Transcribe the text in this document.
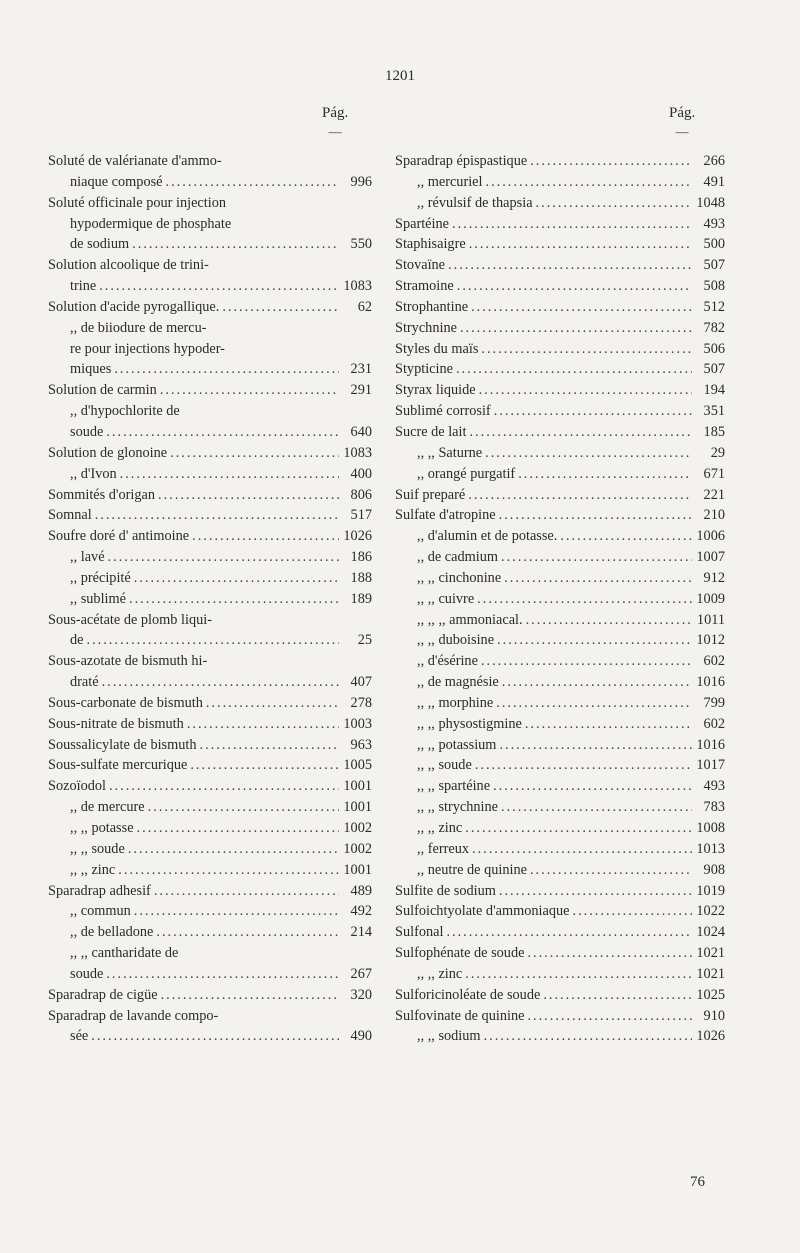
1201
Pág.
—
Pág.
—
Soluté de valérianate d'ammo-
niaque composé .....	996
Soluté officinale pour injection
hypodermique de phosphate
de sodium .....	550
Solution alcoolique de trini-
trine .....	1083
Solution d'acide pyrogallique. .....	62
,, de biiodure de mercu-
re pour injections hypoder-
miques .....	231
Solution de carmin .....	291
,, d'hypochlorite de
soude .....	640
Solution de glonoine .....	1083
,, d'Ivon .....	400
Sommités d'origan .....	806
Somnal .....	517
Soufre doré d' antimoine .....	1026
,, lavé .....	186
,, précipité .....	188
,, sublimé .....	189
Sous-acétate de plomb liqui-
de .....	25
Sous-azotate de bismuth hi-
draté .....	407
Sous-carbonate de bismuth .....	278
Sous-nitrate de bismuth .....	1003
Soussalicylate de bismuth .....	963
Sous-sulfate mercurique .....	1005
Sozoïodol .....	1001
,, de mercure .....	1001
,, ,, potasse .....	1002
,, ,, soude .....	1002
,, ,, zinc .....	1001
Sparadrap adhesif .....	489
,, commun .....	492
,, de belladone .....	214
,, ,, cantharidate de
soude .....	267
Sparadrap de cigüe .....	320
Sparadrap de lavande compo-
sée .....	490
Sparadrap épispastique .....	266
,, mercuriel .....	491
,, révulsif de thapsia .....	1048
Spartéine .....	493
Staphisaigre .....	500
Stovaïne .....	507
Stramoine .....	508
Strophantine .....	512
Strychnine .....	782
Styles du maïs .....	506
Stypticine .....	507
Styrax liquide .....	194
Sublimé corrosif .....	351
Sucre de lait .....	185
,, ,, Saturne .....	29
,, orangé purgatif .....	671
Suif preparé .....	221
Sulfate d'atropine .....	210
,, d'alumin et de potasse. .....	1006
,, de cadmium .....	1007
,, ,, cinchonine .....	912
,, ,, cuivre .....	1009
,, ,, ,, ammoniacal. .....	1011
,, ,, duboisine .....	1012
,, d'ésérine .....	602
,, de magnésie .....	1016
,, ,, morphine .....	799
,, ,, physostigmine .....	602
,, ,, potassium .....	1016
,, ,, soude .....	1017
,, ,, spartéine .....	493
,, ,, strychnine .....	783
,, ,, zinc .....	1008
,, ferreux .....	1013
,, neutre de quinine .....	908
Sulfite de sodium .....	1019
Sulfoichtyolate d'ammoniaque .....	1022
Sulfonal .....	1024
Sulfophénate de soude .....	1021
,, ,, zinc .....	1021
Sulforicinoléate de soude .....	1025
Sulfovinate de quinine .....	910
,, ,, sodium .....	1026
76
